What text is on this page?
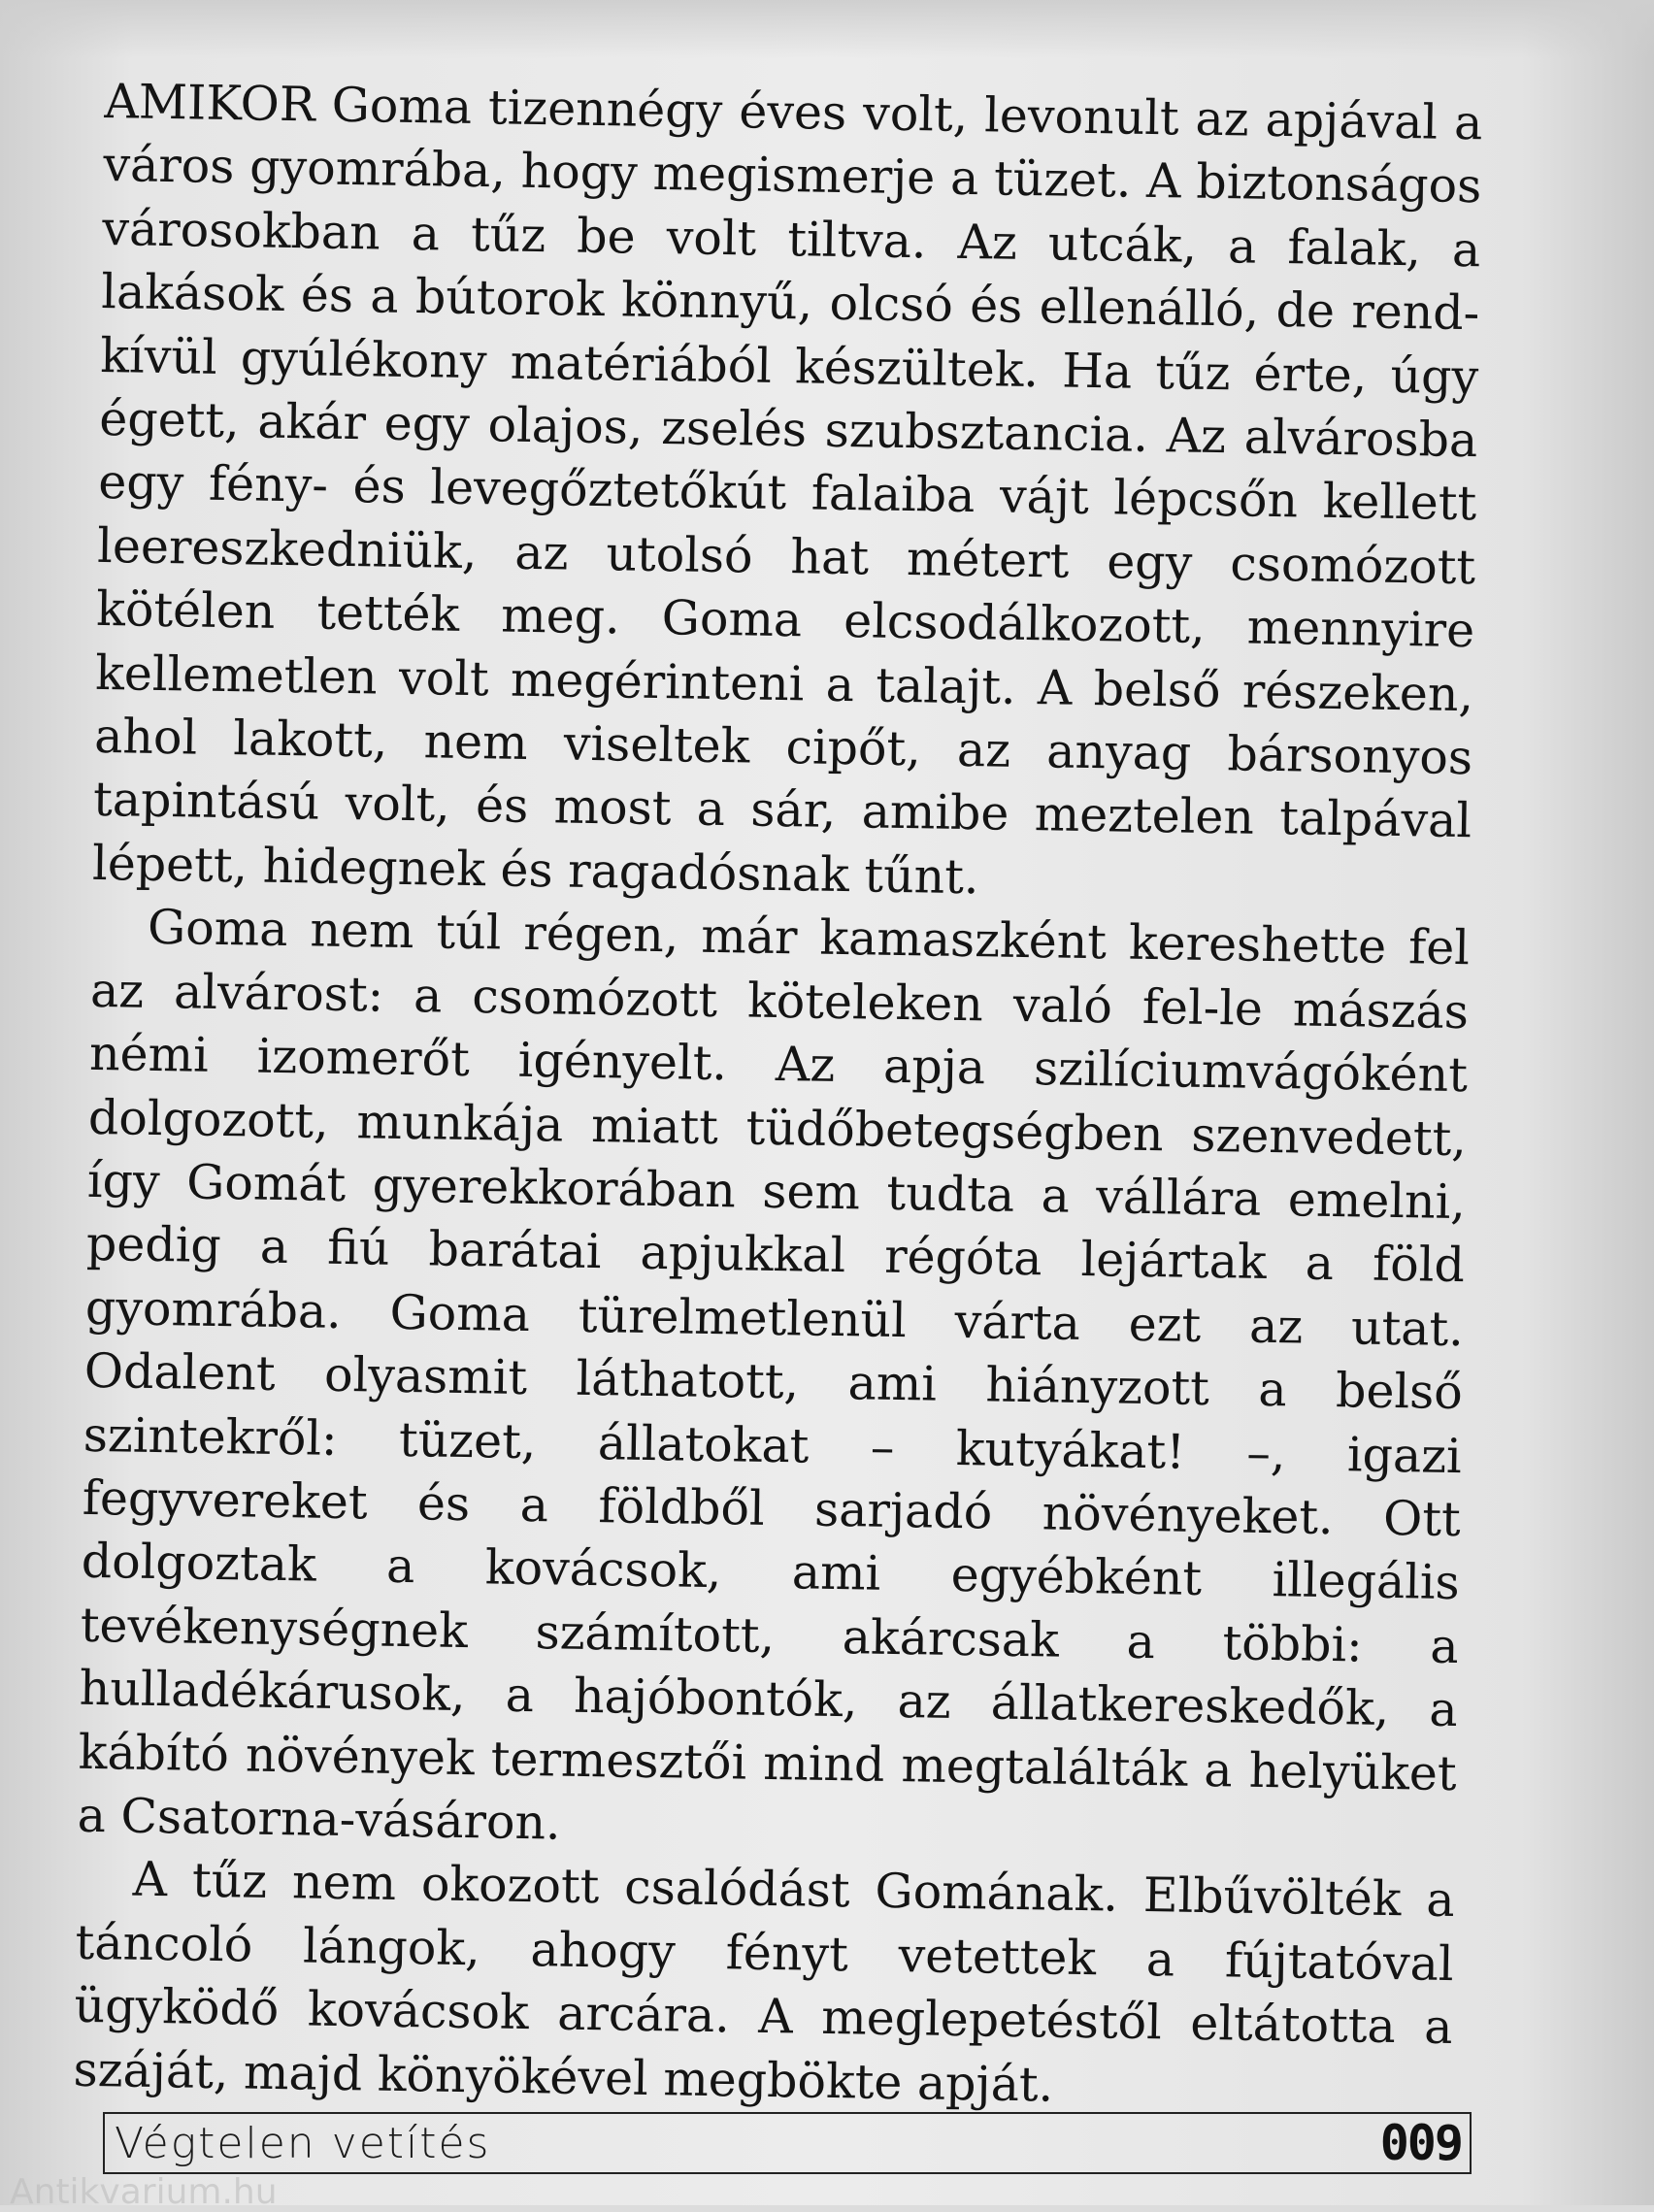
AMIKOR Goma tizennégy éves volt, levonult az apjával a város gyomrába, hogy megismerje a tüzet. A biztonságos városokban a tűz be volt tiltva. Az utcák, a falak, a lakások és a bútorok könnyű, olcsó és ellenálló, de rendkívül gyúlékony matériából készültek. Ha tűz érte, úgy égett, akár egy olajos, zselés szubsztancia. Az alvárosba egy fény- és levegőztetőkút falaiba vájt lépcsőn kellett leereszkedniük, az utolsó hat métert egy csomózott kötélen tették meg. Goma elcsodálkozott, mennyire kellemetlen volt megérinteni a talajt. A belső részeken, ahol lakott, nem viseltek cipőt, az anyag bársonyos tapintású volt, és most a sár, amibe meztelen talpával lépett, hidegnek és ragadósnak tűnt.

Goma nem túl régen, már kamaszként kereshette fel az alvárost: a csomózott köteleken való fel-le mászás némi izomerőt igényelt. Az apja szilíciumvágóként dolgozott, munkája miatt tüdőbetegségben szenvedett, így Gomát gyerekkorában sem tudta a vállára emelni, pedig a fiú barátai apjukkal régóta lejártak a föld gyomrába. Goma türelmetlenül várta ezt az utat. Odalent olyasmit láthatott, ami hiányzott a belső szintekről: tüzet, állatokat – kutyákat! –, igazi fegyvereket és a földből sarjadó növényeket. Ott dolgoztak a kovácsok, ami egyébként illegális tevékenységnek számított, akárcsak a többi: a hulladékárusok, a hajóbontók, az állatkereskedők, a kábító növények termesztői mind megtalálták a helyüket a Csatorna-vásáron.

A tűz nem okozott csalódást Gomának. Elbűvölték a táncoló lángok, ahogy fényt vetettek a fújtatóval ügyködő kovácsok arcára. A meglepetéstől eltátotta a száját, majd könyökével megbökte apját.

Végtelen vetítés	009
Antikvarium.hu
